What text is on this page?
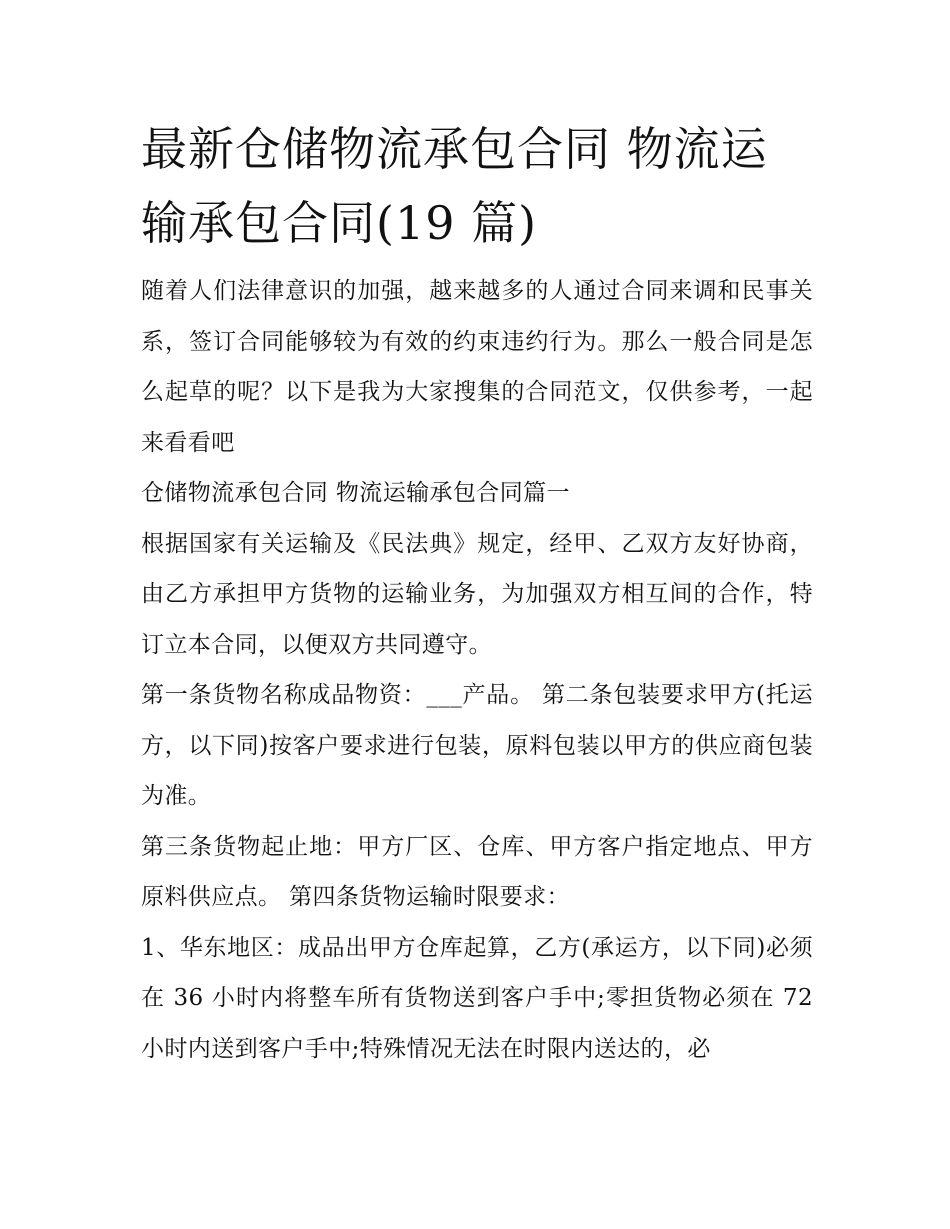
最新仓储物流承包合同 物流运输承包合同(19 篇)

随着人们法律意识的加强，越来越多的人通过合同来调和民事关系，签订合同能够较为有效的约束违约行为。那么一般合同是怎么起草的呢？以下是我为大家搜集的合同范文，仅供参考，一起来看看吧

仓储物流承包合同 物流运输承包合同篇一

根据国家有关运输及《民法典》规定，经甲、乙双方友好协商，由乙方承担甲方货物的运输业务，为加强双方相互间的合作，特订立本合同，以便双方共同遵守。

第一条货物名称成品物资：___产品。 第二条包装要求甲方(托运方，以下同)按客户要求进行包装，原料包装以甲方的供应商包装为准。

第三条货物起止地：甲方厂区、仓库、甲方客户指定地点、甲方原料供应点。 第四条货物运输时限要求：

1、华东地区：成品出甲方仓库起算，乙方(承运方，以下同)必须在 36 小时内将整车所有货物送到客户手中;零担货物必须在 72 小时内送到客户手中;特殊情况无法在时限内送达的，必
